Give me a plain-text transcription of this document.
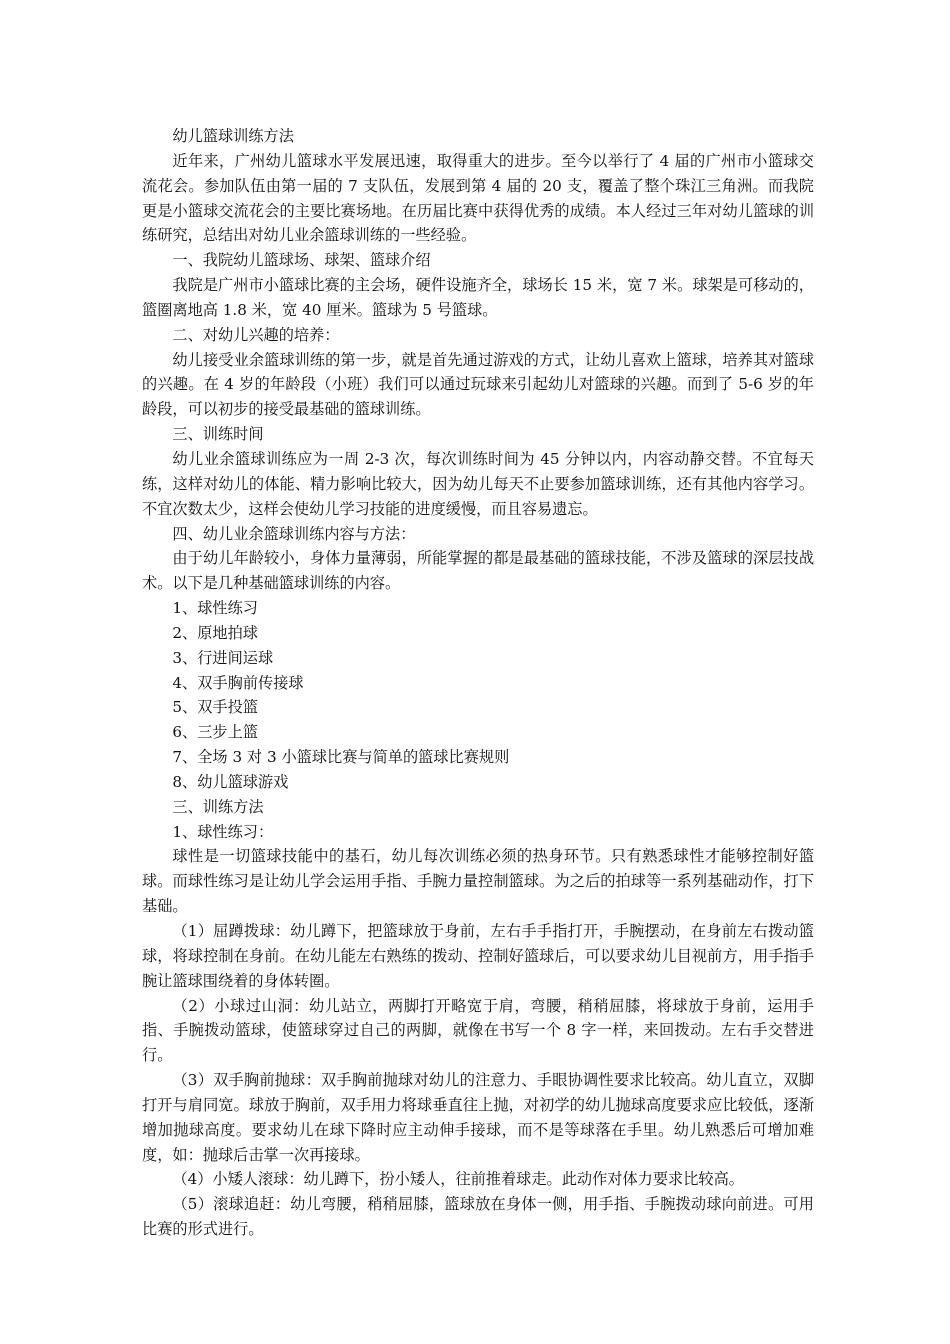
幼儿篮球训练方法

近年来，广州幼儿篮球水平发展迅速，取得重大的进步。至今以举行了 4 届的广州市小篮球交流花会。参加队伍由第一届的 7 支队伍，发展到第 4 届的 20 支，覆盖了整个珠江三角洲。而我院更是小篮球交流花会的主要比赛场地。在历届比赛中获得优秀的成绩。本人经过三年对幼儿篮球的训练研究，总结出对幼儿业余篮球训练的一些经验。

一、我院幼儿篮球场、球架、篮球介绍

我院是广州市小篮球比赛的主会场，硬件设施齐全，球场长 15 米，宽 7 米。球架是可移动的，篮圈离地高 1.8 米，宽 40 厘米。篮球为 5 号篮球。

二、对幼儿兴趣的培养：

幼儿接受业余篮球训练的第一步，就是首先通过游戏的方式，让幼儿喜欢上篮球，培养其对篮球的兴趣。在 4 岁的年龄段（小班）我们可以通过玩球来引起幼儿对篮球的兴趣。而到了 5-6 岁的年龄段，可以初步的接受最基础的篮球训练。

三、训练时间

幼儿业余篮球训练应为一周 2-3 次，每次训练时间为 45 分钟以内，内容动静交替。不宜每天练，这样对幼儿的体能、精力影响比较大，因为幼儿每天不止要参加篮球训练，还有其他内容学习。不宜次数太少，这样会使幼儿学习技能的进度缓慢，而且容易遗忘。

四、幼儿业余篮球训练内容与方法：

由于幼儿年龄较小，身体力量薄弱，所能掌握的都是最基础的篮球技能，不涉及篮球的深层技战术。以下是几种基础篮球训练的内容。

1、球性练习

2、原地拍球

3、行进间运球

4、双手胸前传接球

5、双手投篮

6、三步上篮

7、全场 3 对 3 小篮球比赛与简单的篮球比赛规则

8、幼儿篮球游戏

三、训练方法

1、球性练习：

球性是一切篮球技能中的基石，幼儿每次训练必须的热身环节。只有熟悉球性才能够控制好篮球。而球性练习是让幼儿学会运用手指、手腕力量控制篮球。为之后的拍球等一系列基础动作，打下基础。

（1）屈蹲拨球：幼儿蹲下，把篮球放于身前，左右手手指打开，手腕摆动，在身前左右拨动篮球，将球控制在身前。在幼儿能左右熟练的拨动、控制好篮球后，可以要求幼儿目视前方，用手指手腕让篮球围绕着的身体转圈。

（2）小球过山洞：幼儿站立，两脚打开略宽于肩，弯腰，稍稍屈膝，将球放于身前，运用手指、手腕拨动篮球，使篮球穿过自己的两脚，就像在书写一个 8 字一样，来回拨动。左右手交替进行。

（3）双手胸前抛球：双手胸前抛球对幼儿的注意力、手眼协调性要求比较高。幼儿直立，双脚打开与肩同宽。球放于胸前，双手用力将球垂直往上抛，对初学的幼儿抛球高度要求应比较低，逐渐增加抛球高度。要求幼儿在球下降时应主动伸手接球，而不是等球落在手里。幼儿熟悉后可增加难度，如：抛球后击掌一次再接球。

（4）小矮人滚球：幼儿蹲下，扮小矮人，往前推着球走。此动作对体力要求比较高。

（5）滚球追赶：幼儿弯腰，稍稍屈膝，篮球放在身体一侧，用手指、手腕拨动球向前进。可用比赛的形式进行。
